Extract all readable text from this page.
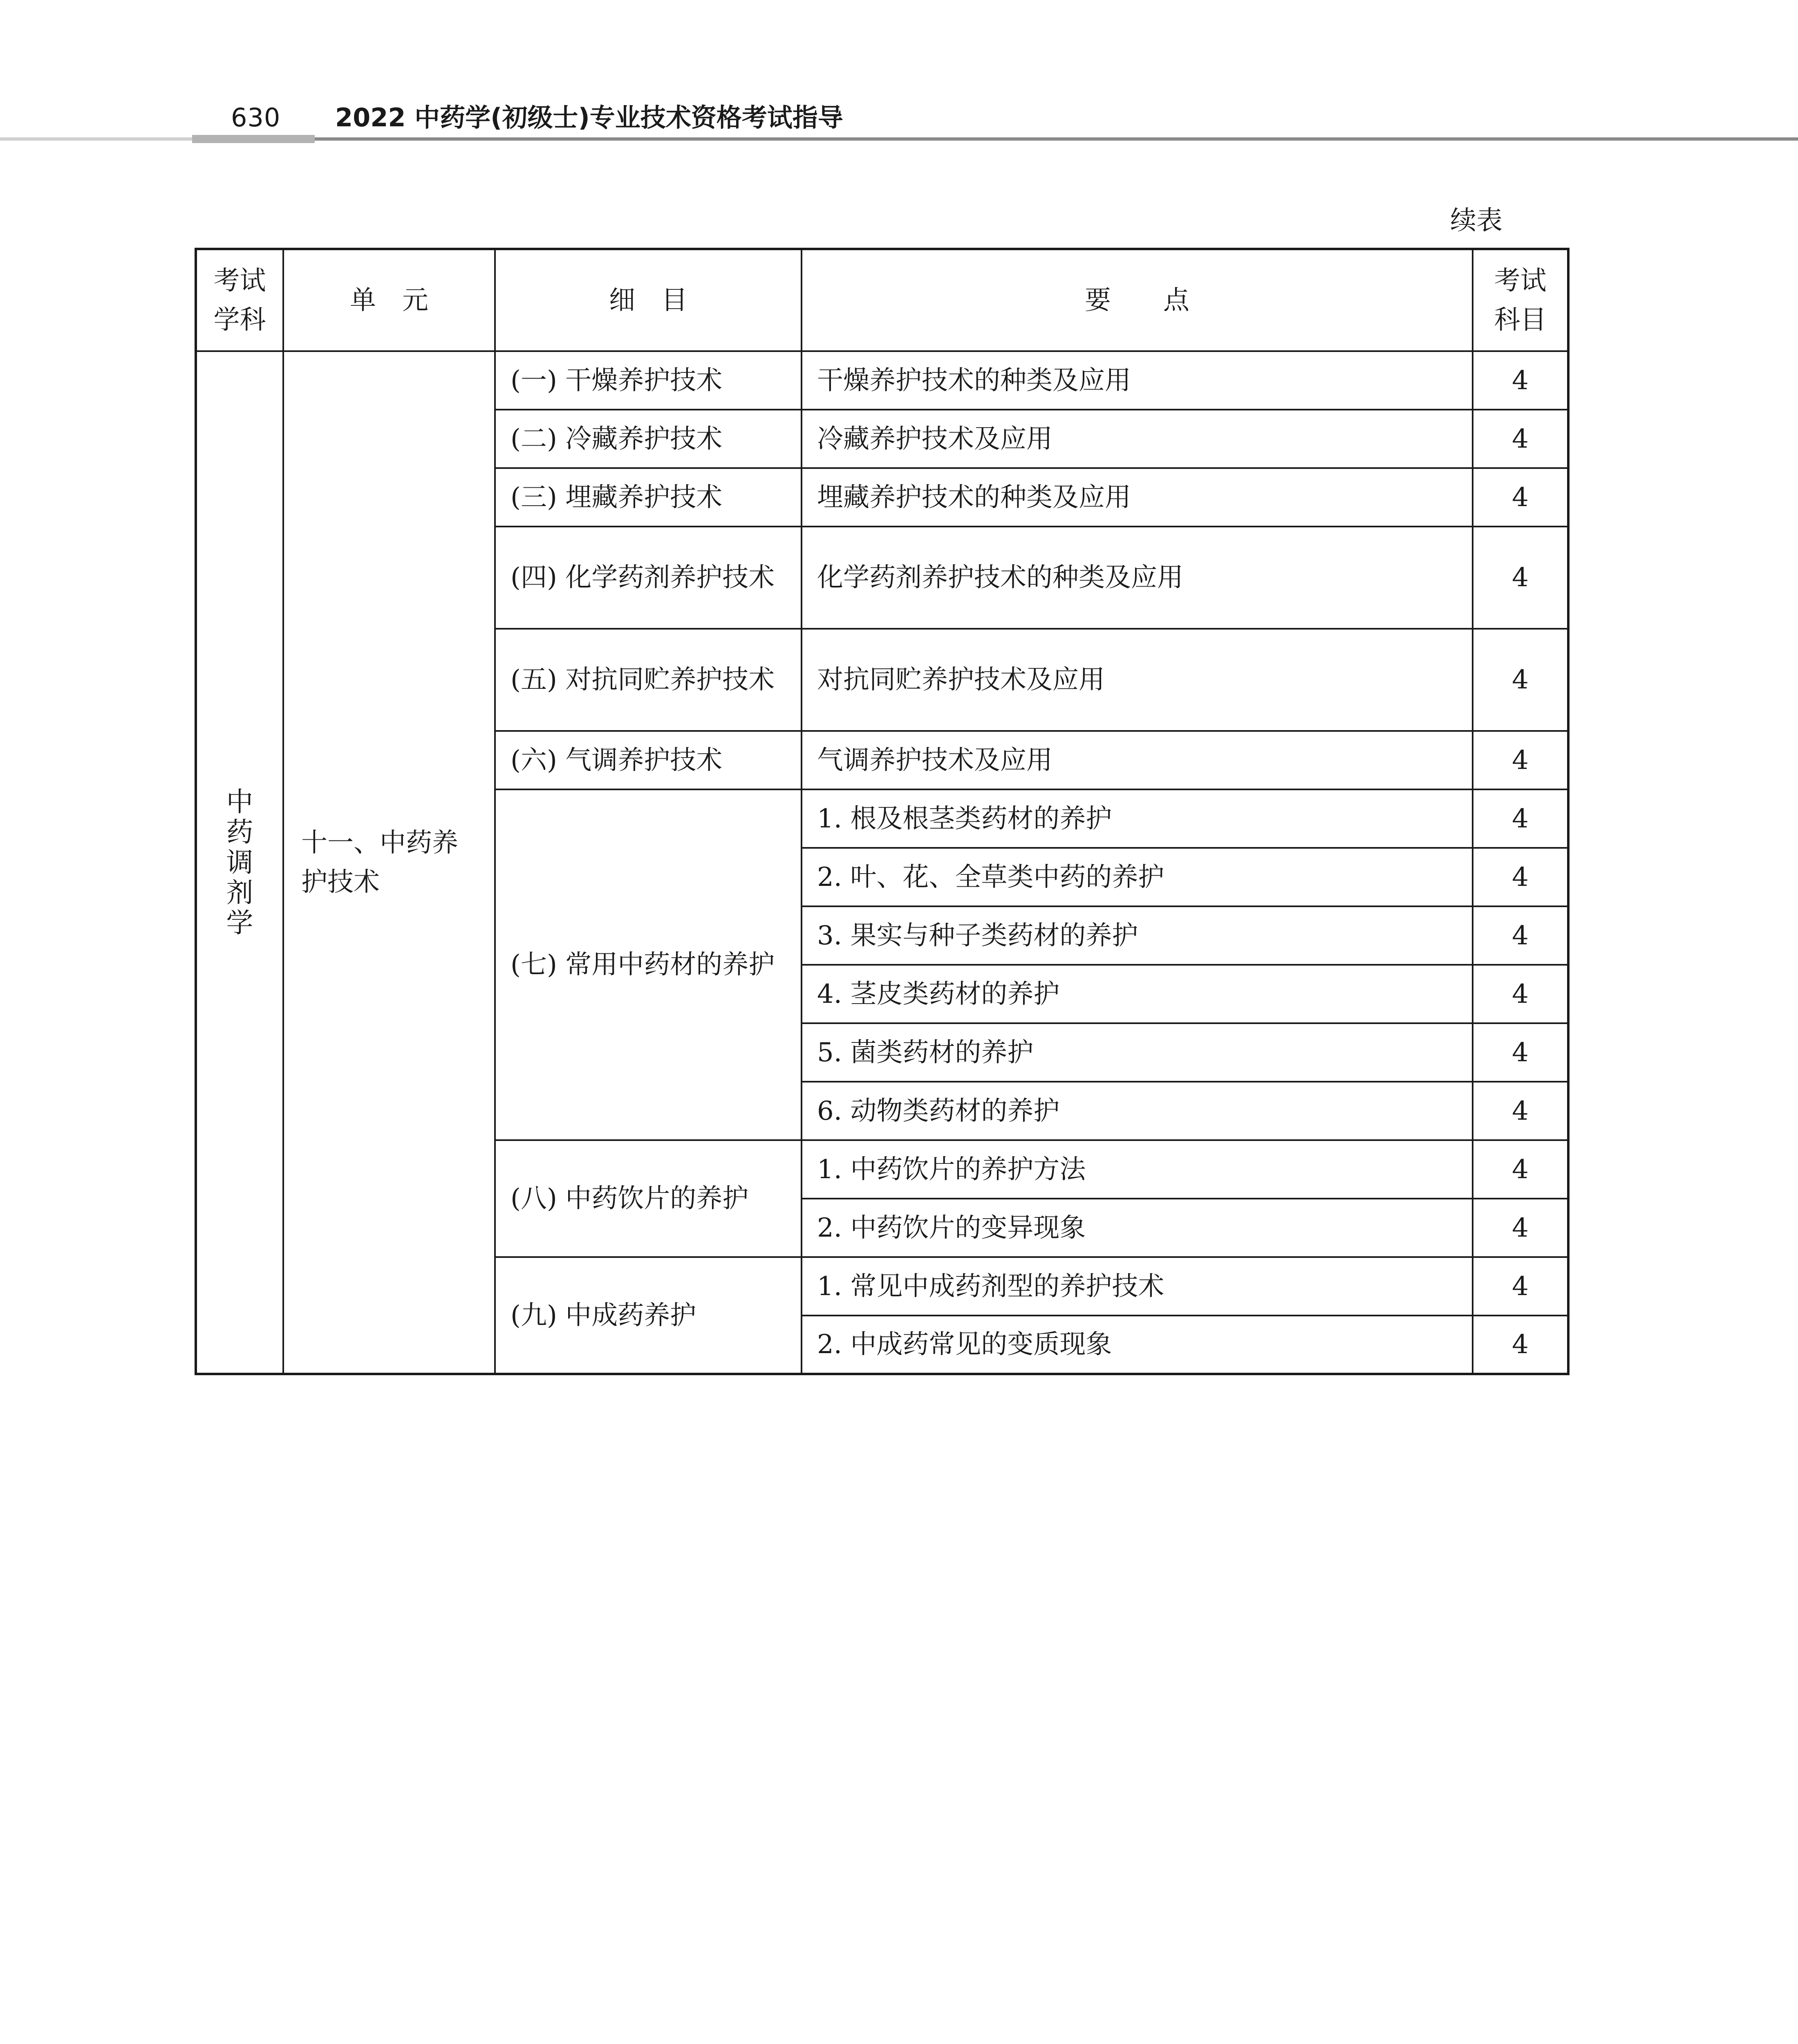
630 2022 中药学(初级士)专业技术资格考试指导
续表
考试学科	单　元	细　目	要　　点	考试科目

中药调剂学	十一、中药养护技术	(一) 干燥养护技术	干燥养护技术的种类及应用	4
		(二) 冷藏养护技术	冷藏养护技术及应用	4
		(三) 埋藏养护技术	埋藏养护技术的种类及应用	4
		(四) 化学药剂养护技术	化学药剂养护技术的种类及应用	4
		(五) 对抗同贮养护技术	对抗同贮养护技术及应用	4
		(六) 气调养护技术	气调养护技术及应用	4
		(七) 常用中药材的养护	1. 根及根茎类药材的养护	4
			2. 叶、花、全草类中药的养护	4
			3. 果实与种子类药材的养护	4
			4. 茎皮类药材的养护	4
			5. 菌类药材的养护	4
			6. 动物类药材的养护	4
		(八) 中药饮片的养护	1. 中药饮片的养护方法	4
			2. 中药饮片的变异现象	4
		(九) 中成药养护	1. 常见中成药剂型的养护技术	4
			2. 中成药常见的变质现象	4
